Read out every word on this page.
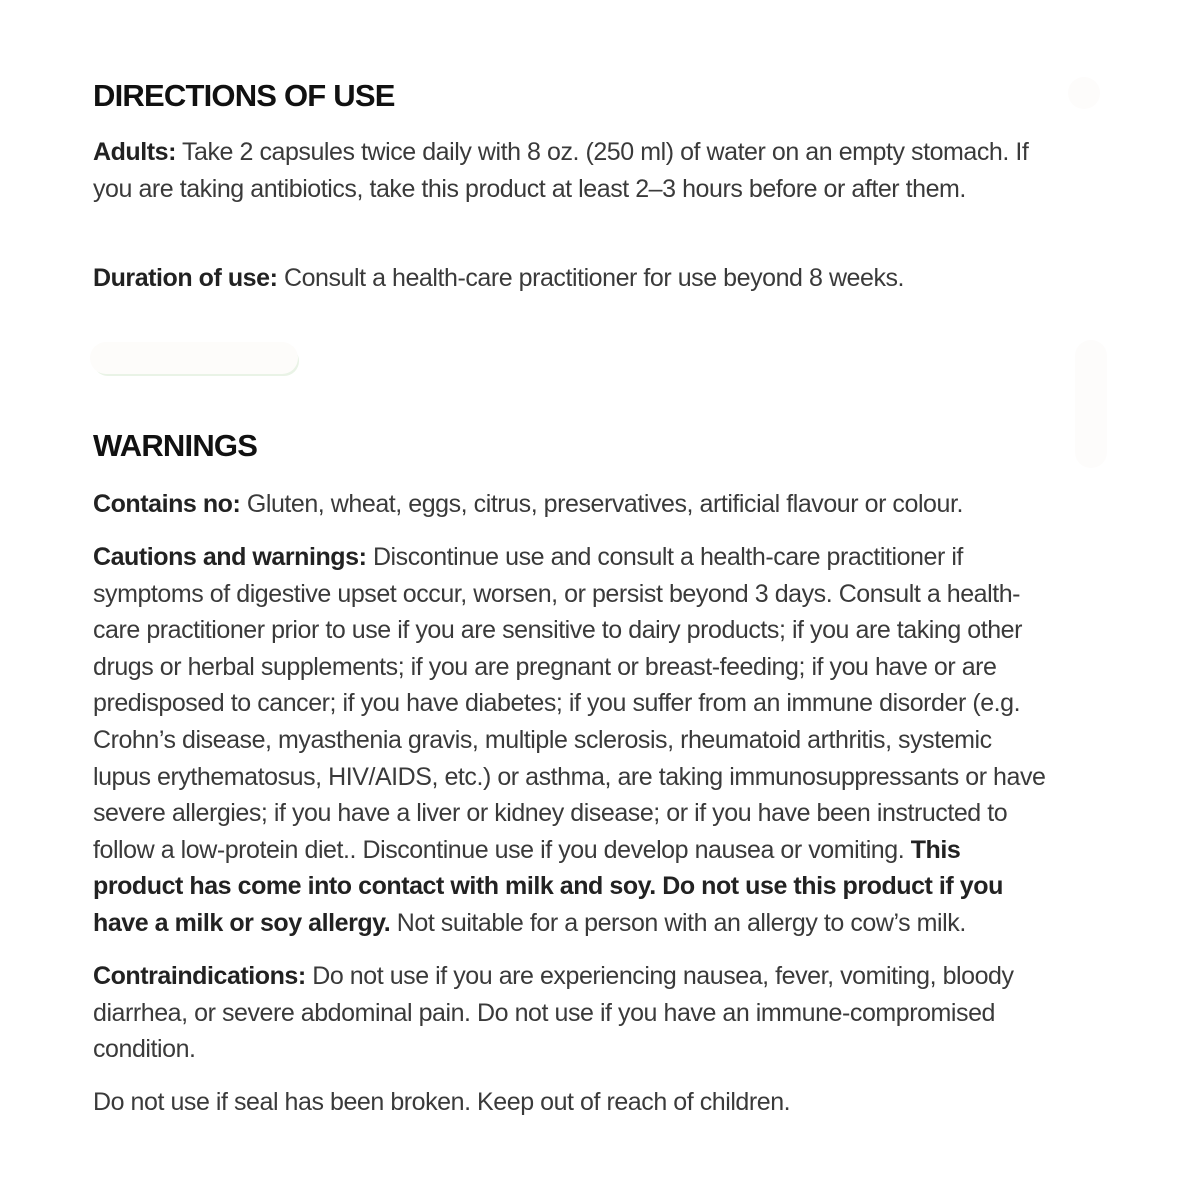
DIRECTIONS OF USE
Adults: Take 2 capsules twice daily with 8 oz. (250 ml) of water on an empty stomach. If
you are taking antibiotics, take this product at least 2–3 hours before or after them.
Duration of use: Consult a health-care practitioner for use beyond 8 weeks.
WARNINGS
Contains no: Gluten, wheat, eggs, citrus, preservatives, artificial flavour or colour.
Cautions and warnings: Discontinue use and consult a health-care practitioner if
symptoms of digestive upset occur, worsen, or persist beyond 3 days. Consult a health-
care practitioner prior to use if you are sensitive to dairy products; if you are taking other
drugs or herbal supplements; if you are pregnant or breast-feeding; if you have or are
predisposed to cancer; if you have diabetes; if you suffer from an immune disorder (e.g.
Crohn’s disease, myasthenia gravis, multiple sclerosis, rheumatoid arthritis, systemic
lupus erythematosus, HIV/AIDS, etc.) or asthma, are taking immunosuppressants or have
severe allergies; if you have a liver or kidney disease; or if you have been instructed to
follow a low-protein diet.. Discontinue use if you develop nausea or vomiting. This
product has come into contact with milk and soy. Do not use this product if you
have a milk or soy allergy. Not suitable for a person with an allergy to cow’s milk.
Contraindications: Do not use if you are experiencing nausea, fever, vomiting, bloody
diarrhea, or severe abdominal pain. Do not use if you have an immune-compromised
condition.
Do not use if seal has been broken. Keep out of reach of children.
